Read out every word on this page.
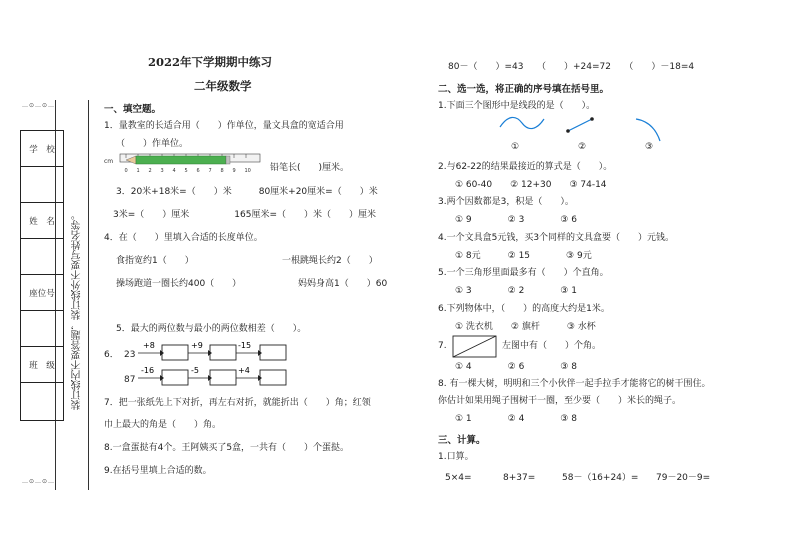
…⊙…⊙…
…⊙…⊙…
学　校

姓　名

座位号

班　级 装订线内不要答题，装订线外不要写姓名等。
2022年下学期期中练习
二年级数学
一、填空题。
1．量教室的长适合用（　　）作单位，量文具盒的宽适合用
（　　）作单位。
cm
0 1 2 3 4 5 6 7 8 9 10 铅笔长(　　)厘米。
3．20米+18米=（　　）米　　　80厘米+20厘米=（　　）米
　3米=（　　）厘米　　　　　165厘米=（　　）米（　　）厘米
4．在（　　）里填入合适的长度单位。
食指宽约1（　　）	一根跳绳长约2（　　）
操场跑道一圈长约400（　　）	妈妈身高1（　　）60
5．最大的两位数与最小的两位数相差（　　）。
6． 23
+8	+9	-15
87
-16	-5	+4
7．把一张纸先上下对折，再左右对折，就能折出（　　）角；红领
巾上最大的角是（　　）角。
8.一盒蛋挞有4个。王阿姨买了5盒，一共有（　　）个蛋挞。
9.在括号里填上合适的数。
80－（　　）=43　　（　　）+24=72　　（　　）－18=4
二、选一选，将正确的序号填在括号里。
1.下面三个图形中是线段的是（　　）。
①	②	③
2.与62-22的结果最接近的算式是（　　）。
① 60-40　　② 12+30　　③ 74-14
3.两个因数都是3，积是（　　）。
① 9　　　　② 3　　　　③ 6
4.一个文具盒5元钱，买3个同样的文具盒要（　　）元钱。
① 8元　　　② 15　　　　③ 9元
5.一个三角形里面最多有（　　）个直角。
① 3　　　　② 2　　　　③ 1
6.下列物体中，（　　）的高度大约是1米。
① 洗衣机　　② 旗杆　　　③ 水杯
7.	左图中有（　　）个角。
① 4　　　　② 6　　　　③ 8
8. 有一棵大树，明明和三个小伙伴一起手拉手才能将它的树干围住。
你估计如果用绳子围树干一圈，至少要（　　）米长的绳子。
① 1　　　　② 4　　　　③ 8
三、计算。
1.口算。
5×4=	8+37=	58－（16+24）= 79－20－9=
